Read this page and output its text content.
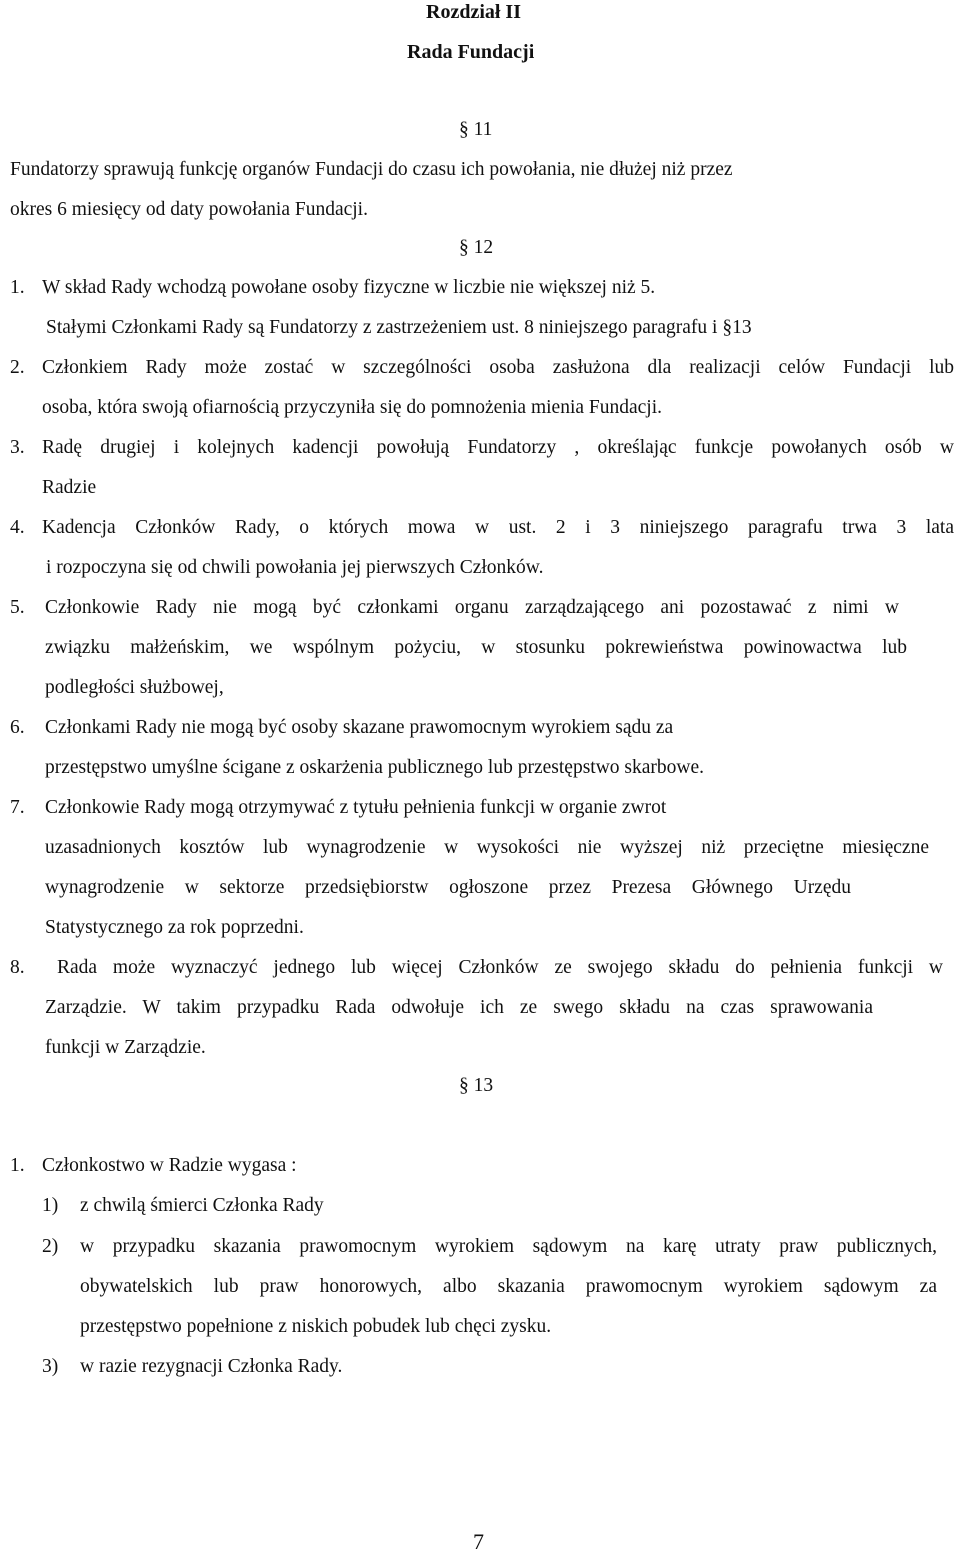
Rozdział II
Rada Fundacji
§ 11
Fundatorzy sprawują funkcję organów Fundacji do czasu ich powołania, nie dłużej niż przez
okres 6 miesięcy od daty powołania Fundacji.
§ 12
1. W skład Rady wchodzą powołane osoby fizyczne w liczbie nie większej niż 5.
Stałymi Członkami Rady są Fundatorzy z zastrzeżeniem ust. 8 niniejszego paragrafu i §13
2. Członkiem Rady może zostać w szczególności osoba zasłużona dla realizacji celów Fundacji lub
osoba, która swoją ofiarnością przyczyniła się do pomnożenia mienia Fundacji.
3. Radę drugiej i kolejnych kadencji powołują Fundatorzy , określając funkcje powołanych osób w
Radzie
4. Kadencja Członków Rady, o których mowa w ust. 2 i 3 niniejszego paragrafu trwa 3 lata
i rozpoczyna się od chwili powołania jej pierwszych Członków.
5. Członkowie Rady nie mogą być członkami organu zarządzającego ani pozostawać z nimi w
związku małżeńskim, we wspólnym pożyciu, w stosunku pokrewieństwa powinowactwa lub
podległości służbowej,
6. Członkami Rady nie mogą być osoby skazane prawomocnym wyrokiem sądu za
przestępstwo umyślne ścigane z oskarżenia publicznego lub przestępstwo skarbowe.
7. Członkowie Rady mogą otrzymywać z tytułu pełnienia funkcji w organie zwrot
uzasadnionych kosztów lub wynagrodzenie w wysokości nie wyższej niż przeciętne miesięczne
wynagrodzenie w sektorze przedsiębiorstw ogłoszone przez Prezesa Głównego Urzędu
Statystycznego za rok poprzedni.
8. Rada może wyznaczyć jednego lub więcej Członków ze swojego składu do pełnienia funkcji w
Zarządzie. W takim przypadku Rada odwołuje ich ze swego składu na czas sprawowania
funkcji w Zarządzie.
§ 13
1. Członkostwo w Radzie wygasa :
1) z chwilą śmierci Członka Rady
2) w przypadku skazania prawomocnym wyrokiem sądowym na karę utraty praw publicznych,
obywatelskich lub praw honorowych, albo skazania prawomocnym wyrokiem sądowym za
przestępstwo popełnione z niskich pobudek lub chęci zysku.
3) w razie rezygnacji Członka Rady.
7
